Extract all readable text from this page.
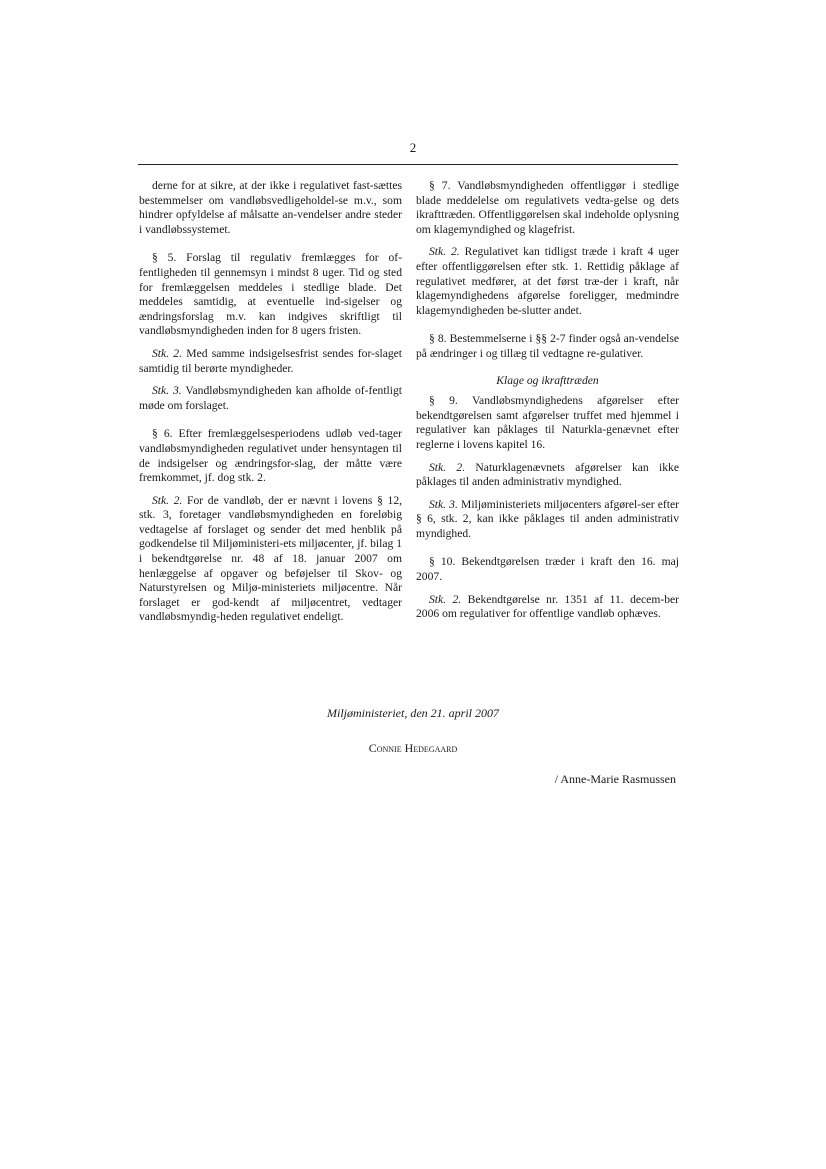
2

derne for at sikre, at der ikke i regulativet fast-sættes bestemmelser om vandløbsvedligeholdel-se m.v., som hindrer opfyldelse af målsatte an-vendelser andre steder i vandløbssystemet.

§ 5. Forslag til regulativ fremlægges for of-fentligheden til gennemsyn i mindst 8 uger. Tid og sted for fremlæggelsen meddeles i stedlige blade. Det meddeles samtidig, at eventuelle ind-sigelser og ændringsforslag m.v. kan indgives skriftligt til vandløbsmyndigheden inden for 8 ugers fristen.

Stk. 2. Med samme indsigelsesfrist sendes for-slaget samtidig til berørte myndigheder.

Stk. 3. Vandløbsmyndigheden kan afholde of-fentligt møde om forslaget.

§ 6. Efter fremlæggelsesperiodens udløb ved-tager vandløbsmyndigheden regulativet under hensyntagen til de indsigelser og ændringsfor-slag, der måtte være fremkommet, jf. dog stk. 2.

Stk. 2. For de vandløb, der er nævnt i lovens § 12, stk. 3, foretager vandløbsmyndigheden en foreløbig vedtagelse af forslaget og sender det med henblik på godkendelse til Miljøministeri-ets miljøcenter, jf. bilag 1 i bekendtgørelse nr. 48 af 18. januar 2007 om henlæggelse af opgaver og beføjelser til Skov- og Naturstyrelsen og Miljø-ministeriets miljøcentre. Når forslaget er god-kendt af miljøcentret, vedtager vandløbsmyndig-heden regulativet endeligt.

§ 7. Vandløbsmyndigheden offentliggør i stedlige blade meddelelse om regulativets vedta-gelse og dets ikrafttræden. Offentliggørelsen skal indeholde oplysning om klagemyndighed og klagefrist.

Stk. 2. Regulativet kan tidligst træde i kraft 4 uger efter offentliggørelsen efter stk. 1. Rettidig påklage af regulativet medfører, at det først træ-der i kraft, når klagemyndighedens afgørelse foreligger, medmindre klagemyndigheden be-slutter andet.

§ 8. Bestemmelserne i §§ 2-7 finder også an-vendelse på ændringer i og tillæg til vedtagne re-gulativer.

Klage og ikrafttræden

§ 9. Vandløbsmyndighedens afgørelser efter bekendtgørelsen samt afgørelser truffet med hjemmel i regulativer kan påklages til Naturkla-genævnet efter reglerne i lovens kapitel 16.

Stk. 2. Naturklagenævnets afgørelser kan ikke påklages til anden administrativ myndighed.

Stk. 3. Miljøministeriets miljøcenters afgørel-ser efter § 6, stk. 2, kan ikke påklages til anden administrativ myndighed.

§ 10. Bekendtgørelsen træder i kraft den 16. maj 2007.

Stk. 2. Bekendtgørelse nr. 1351 af 11. decem-ber 2006 om regulativer for offentlige vandløb ophæves.

Miljøministeriet, den 21. april 2007
Connie Hedegaard
/ Anne-Marie Rasmussen
